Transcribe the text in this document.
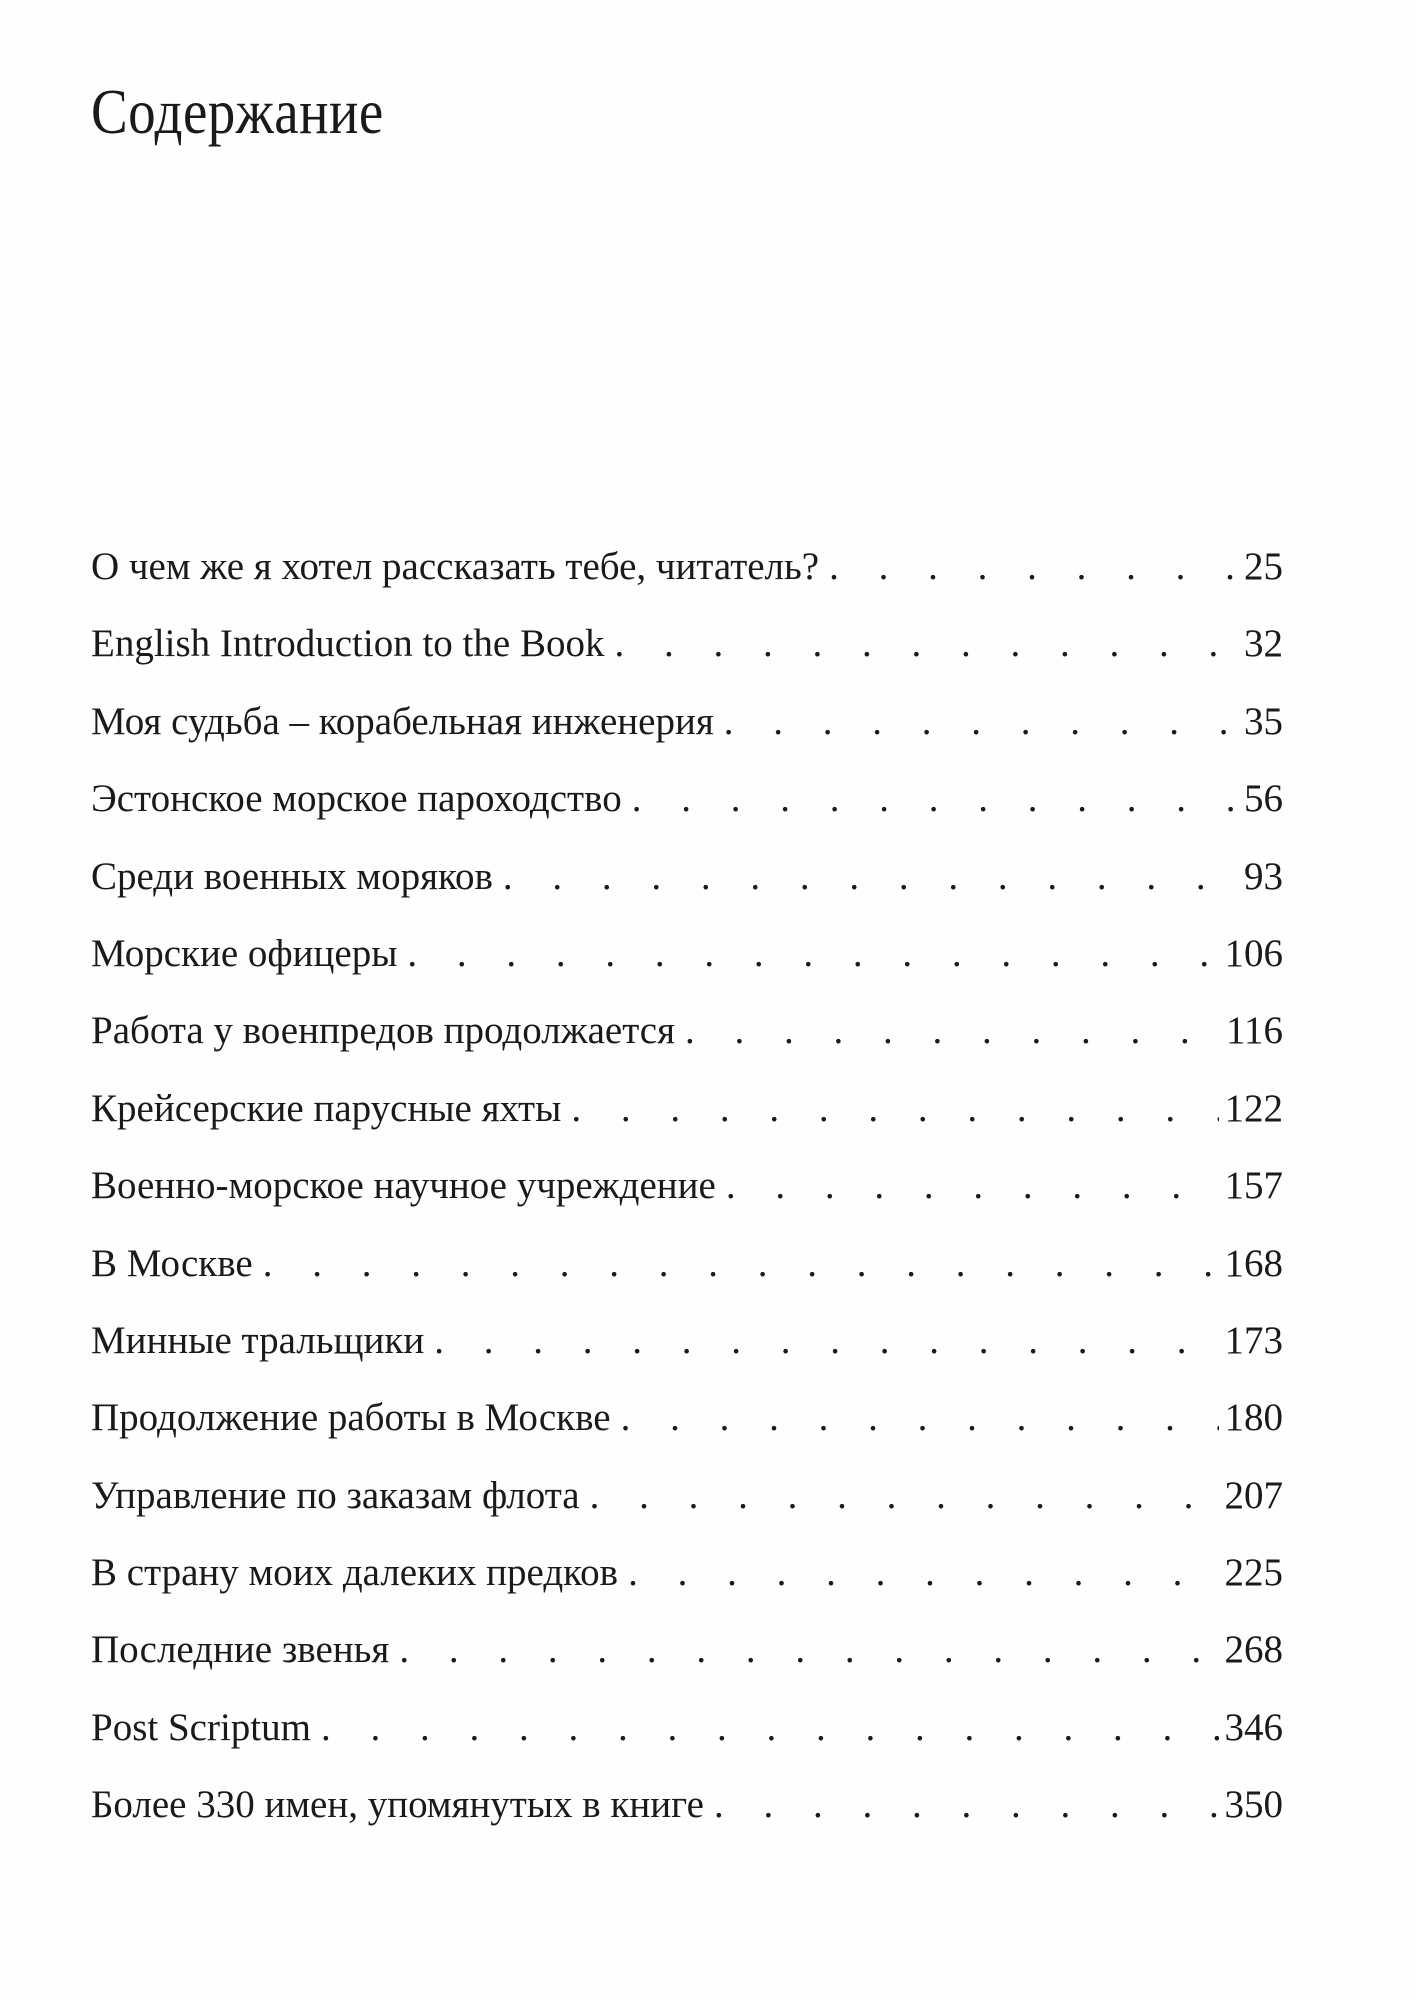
Содержание
О чем же я хотел рассказать тебе, читатель? . . .	25
English Introduction to the Book . . .	32
Моя судьба – корабельная инженерия . . .	35
Эстонское морское пароходство . . .	56
Среди военных моряков . . .	93
Морские офицеры . . .	106
Работа у военпредов продолжается . . .	116
Крейсерские парусные яхты . . .	122
Военно-морское научное учреждение . . .	157
В Москве . . .	168
Минные тральщики . . .	173
Продолжение работы в Москве . . .	180
Управление по заказам флота . . .	207
В страну моих далеких предков . . .	225
Последние звенья . . .	268
Post Scriptum . . .	346
Более 330 имен, упомянутых в книге . . .	350
